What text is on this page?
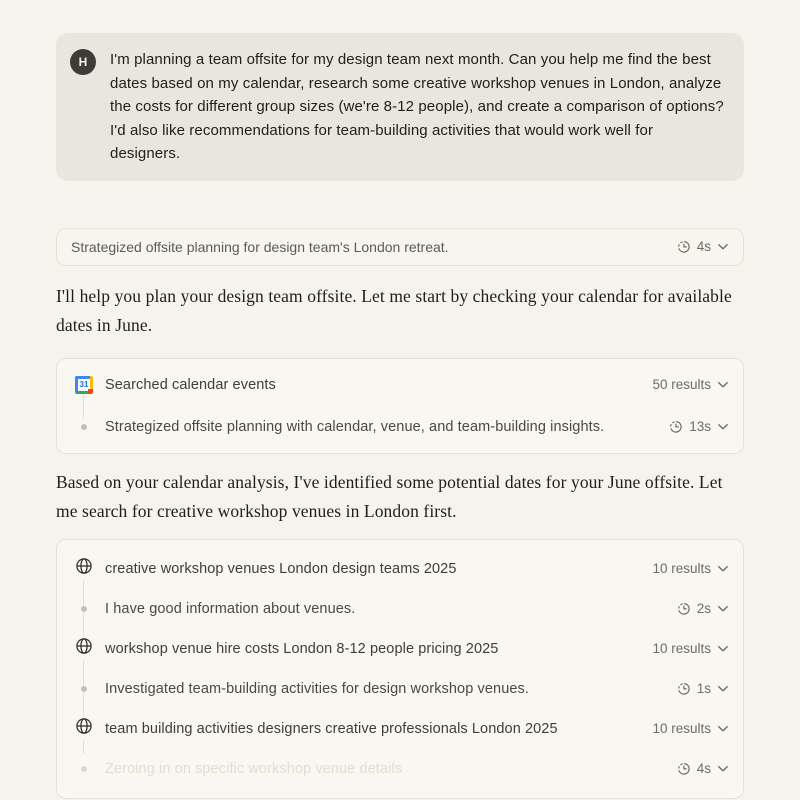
H I'm planning a team offsite for my design team next month. Can you help me find the best dates based on my calendar, research some creative workshop venues in London, analyze the costs for different group sizes (we're 8-12 people), and create a comparison of options? I'd also like recommendations for team-building activities that would work well for designers.
Strategized offsite planning for design team's London retreat.	4s

I'll help you plan your design team offsite. Let me start by checking your calendar for available dates in June.

31 Searched calendar events	50 results
Strategized offsite planning with calendar, venue, and team-building insights.	13s

Based on your calendar analysis, I've identified some potential dates for your June offsite. Let me search for creative workshop venues in London first.

creative workshop venues London design teams 2025	10 results
I have good information about venues.	2s
workshop venue hire costs London 8-12 people pricing 2025	10 results
Investigated team-building activities for design workshop venues.	1s
team building activities designers creative professionals London 2025	10 results
Zeroing in on specific workshop venue details	4s
